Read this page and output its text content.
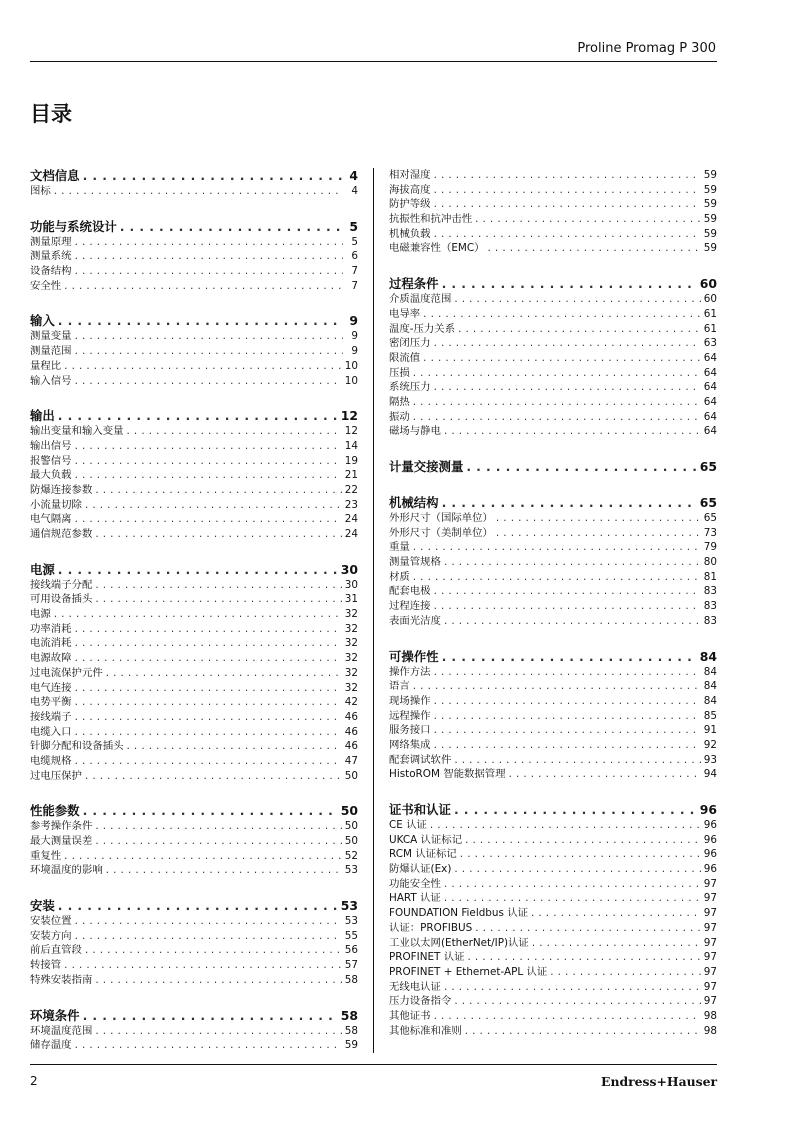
Proline Promag P 300
目录
文档信息 . . .	4
图标 . . .	4
功能与系统设计 . . .	5
测量原理 . . .	5
测量系统 . . .	6
设备结构 . . .	7
安全性 . . .	7
输入 . . .	9
测量变量 . . .	9
测量范围 . . .	9
量程比 . . .	10
输入信号 . . .	10
输出 . . .	12
输出变量和输入变量 . . .	12
输出信号 . . .	14
报警信号 . . .	19
最大负载 . . .	21
防爆连接参数 . . .	22
小流量切除 . . .	23
电气隔离 . . .	24
通信规范参数 . . .	24
电源 . . .	30
接线端子分配 . . .	30
可用设备插头 . . .	31
电源 . . .	32
功率消耗 . . .	32
电流消耗 . . .	32
电源故障 . . .	32
过电流保护元件 . . .	32
电气连接 . . .	32
电势平衡 . . .	42
接线端子 . . .	46
电缆入口 . . .	46
针脚分配和设备插头 . . .	46
电缆规格 . . .	47
过电压保护 . . .	50
性能参数 . . .	50
参考操作条件 . . .	50
最大测量误差 . . .	50
重复性 . . .	52
环境温度的影响 . . .	53
安装 . . .	53
安装位置 . . .	53
安装方向 . . .	55
前后直管段 . . .	56
转接管 . . .	57
特殊安装指南 . . .	58
环境条件 . . .	58
环境温度范围 . . .	58
储存温度 . . .	59
相对湿度 . . .	59
海拔高度 . . .	59
防护等级 . . .	59
抗振性和抗冲击性 . . .	59
机械负载 . . .	59
电磁兼容性（EMC） . . .	59
过程条件 . . .	60
介质温度范围 . . .	60
电导率 . . .	61
温度-压力关系 . . .	61
密闭压力 . . .	63
限流值 . . .	64
压损 . . .	64
系统压力 . . .	64
隔热 . . .	64
振动 . . .	64
磁场与静电 . . .	64
计量交接测量 . . .	65
机械结构 . . .	65
外形尺寸（国际单位） . . .	65
外形尺寸（美制单位） . . .	73
重量 . . .	79
测量管规格 . . .	80
材质 . . .	81
配套电极 . . .	83
过程连接 . . .	83
表面光洁度 . . .	83
可操作性 . . .	84
操作方法 . . .	84
语言 . . .	84
现场操作 . . .	84
远程操作 . . .	85
服务接口 . . .	91
网络集成 . . .	92
配套调试软件 . . .	93
HistoROM 智能数据管理 . . .	94
证书和认证 . . .	96
CE 认证 . . .	96
UKCA 认证标记 . . .	96
RCM 认证标记 . . .	96
防爆认证(Ex) . . .	96
功能安全性 . . .	97
HART 认证 . . .	97
FOUNDATION Fieldbus 认证 . . .	97
认证：PROFIBUS . . .	97
工业以太网(EtherNet/IP)认证 . . .	97
PROFINET 认证 . . .	97
PROFINET + Ethernet-APL 认证 . . .	97
无线电认证 . . .	97
压力设备指令 . . .	97
其他证书 . . .	98
其他标准和准则 . . .	98
2	Endress+Hauser
